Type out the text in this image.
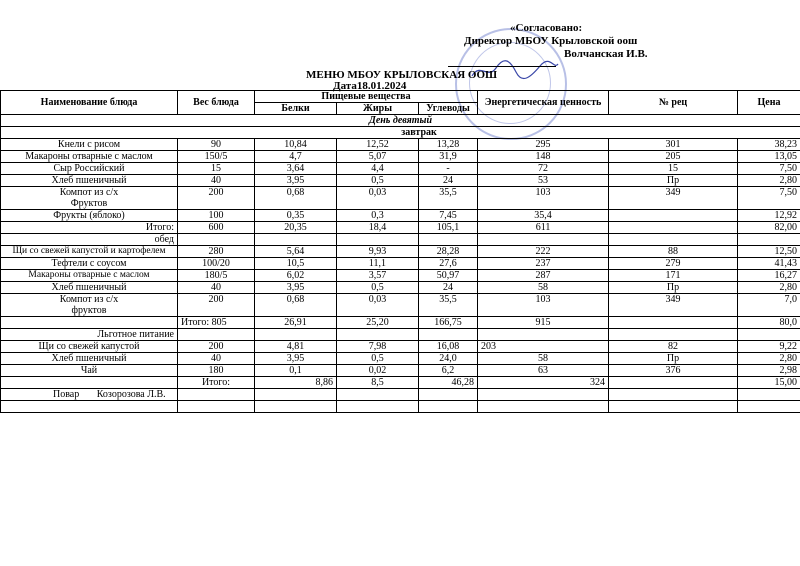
«Согласовано:
Директор МБОУ Крыловской оош
Волчанская И.В.
МЕНЮ МБОУ КРЫЛОВСКАЯ ООШ
Дата18.01.2024
Наименование блюда	Вес блюда	Пищевые вещества			Энергетическая ценность	№ рец	Цена
		Белки	Жиры	Углеводы			
День девятый							
завтрак							
Кнели с рисом	90	10,84	12,52	13,28	295	301	38,23
Макароны отварные с маслом	150/5	4,7	5,07	31,9	148	205	13,05
Сыр Российский	15	3,64	4,4	-	72	15	7,50
Хлеб пшеничный	40	3,95	0,5	24	53	Пр	2,80

Компот из с/х
Фруктов	200	0,68	0,03	35,5	103	349	7,50
Фрукты (яблоко)	100	0,35	0,3	7,45	35,4		12,92
Итого:	600	20,35	18,4	105,1	611		82,00
обед							
Щи со свежей капустой и картофелем	280	5,64	9,93	28,28	222	88	12,50
Тефтели с соусом	100/20	10,5	11,1	27,6	237	279	41,43
Макароны отварные с маслом	180/5	6,02	3,57	50,97	287	171	16,27
Хлеб пшеничный	40	3,95	0,5	24	58	Пр	2,80

Компот из с/х
фруктов	200	0,68	0,03	35,5	103	349	7,0
	Итого: 805	26,91	25,20	166,75	915		80,0
Льготное питание							
Щи со свежей капустой	200	4,81	7,98	16,08	203	82	9,22
Хлеб пшеничный	40	3,95	0,5	24,0	58	Пр	2,80
Чай	180	0,1	0,02	6,2	63	376	2,98
	Итого:	8,86	8,5	46,28	324		15,00
Повар Козорозова Л.В.							
